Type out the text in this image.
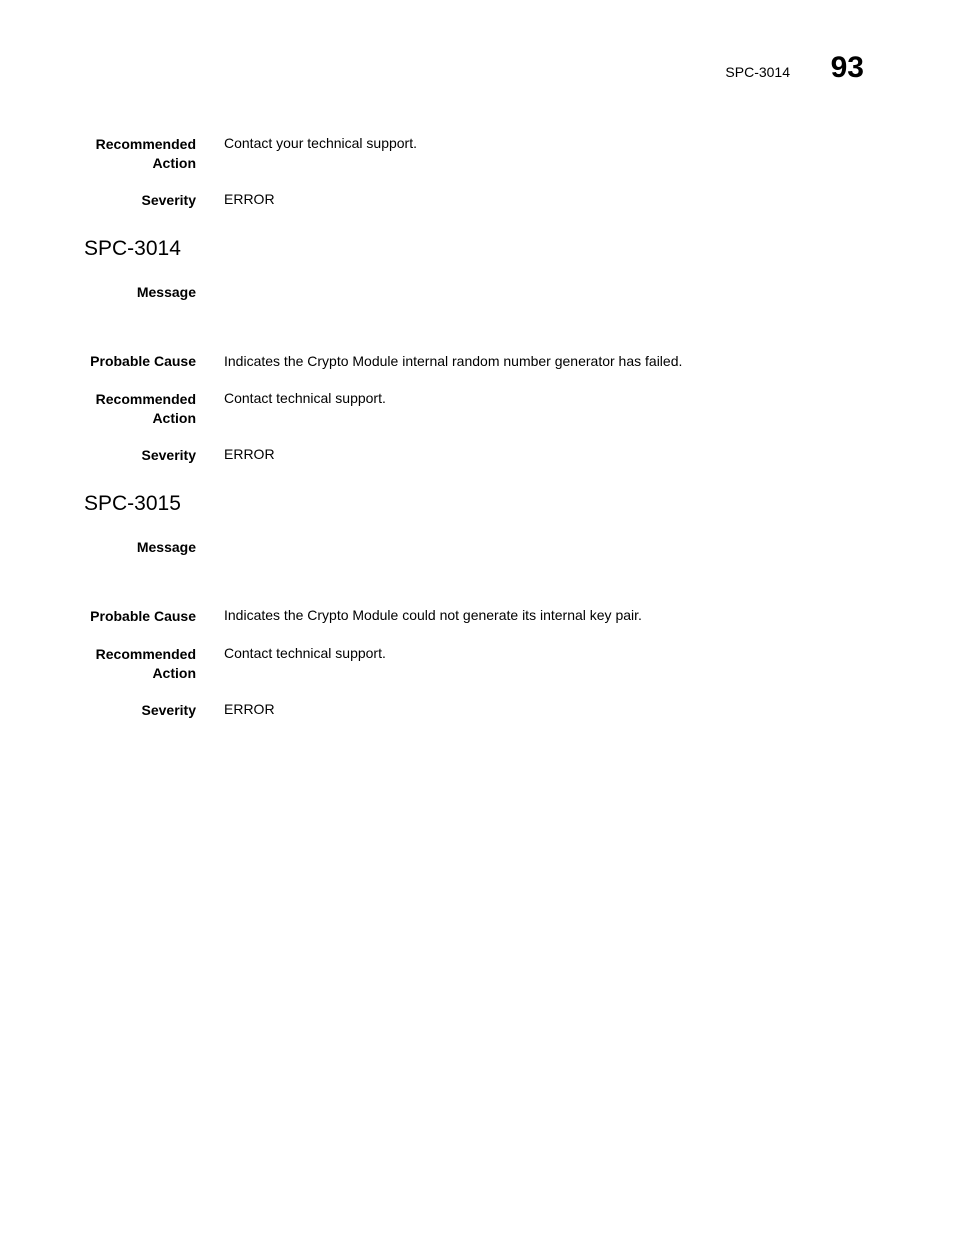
SPC-3014 93
Recommended
Action
Contact your technical support.
Severity ERROR
SPC-3014
Message
Probable Cause Indicates the Crypto Module internal random number generator has failed.
Recommended
Action
Contact technical support.
Severity ERROR
SPC-3015
Message
Probable Cause Indicates the Crypto Module could not generate its internal key pair.
Recommended
Action
Contact technical support.
Severity ERROR
